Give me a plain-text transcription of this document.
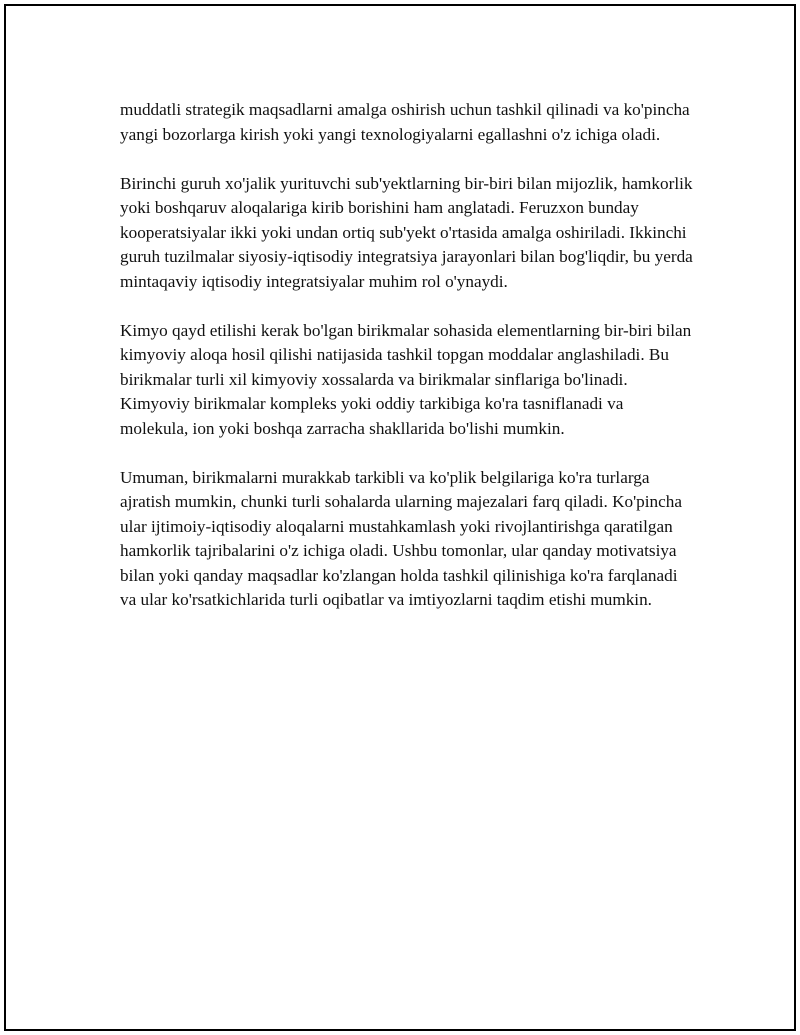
muddatli strategik maqsadlarni amalga oshirish uchun tashkil qilinadi va ko'pincha yangi bozorlarga kirish yoki yangi texnologiyalarni egallashni o'z ichiga oladi.

Birinchi guruh xo'jalik yurituvchi sub'yektlarning bir-biri bilan mijozlik, hamkorlik yoki boshqaruv aloqalariga kirib borishini ham anglatadi. Feruzxon bunday kooperatsiyalar ikki yoki undan ortiq sub'yekt o'rtasida amalga oshiriladi. Ikkinchi guruh tuzilmalar siyosiy-iqtisodiy integratsiya jarayonlari bilan bog'liqdir, bu yerda mintaqaviy iqtisodiy integratsiyalar muhim rol o'ynaydi.

Kimyo qayd etilishi kerak bo'lgan birikmalar sohasida elementlarning bir-biri bilan kimyoviy aloqa hosil qilishi natijasida tashkil topgan moddalar anglashiladi. Bu birikmalar turli xil kimyoviy xossalarda va birikmalar sinflariga bo'linadi. Kimyoviy birikmalar kompleks yoki oddiy tarkibiga ko'ra tasniflanadi va molekula, ion yoki boshqa zarracha shakllarida bo'lishi mumkin.

Umuman, birikmalarni murakkab tarkibli va ko'plik belgilariga ko'ra turlarga ajratish mumkin, chunki turli sohalarda ularning majezalari farq qiladi. Ko'pincha ular ijtimoiy-iqtisodiy aloqalarni mustahkamlash yoki rivojlantirishga qaratilgan hamkorlik tajribalarini o'z ichiga oladi. Ushbu tomonlar, ular qanday motivatsiya bilan yoki qanday maqsadlar ko'zlangan holda tashkil qilinishiga ko'ra farqlanadi va ular ko'rsatkichlarida turli oqibatlar va imtiyozlarni taqdim etishi mumkin.
